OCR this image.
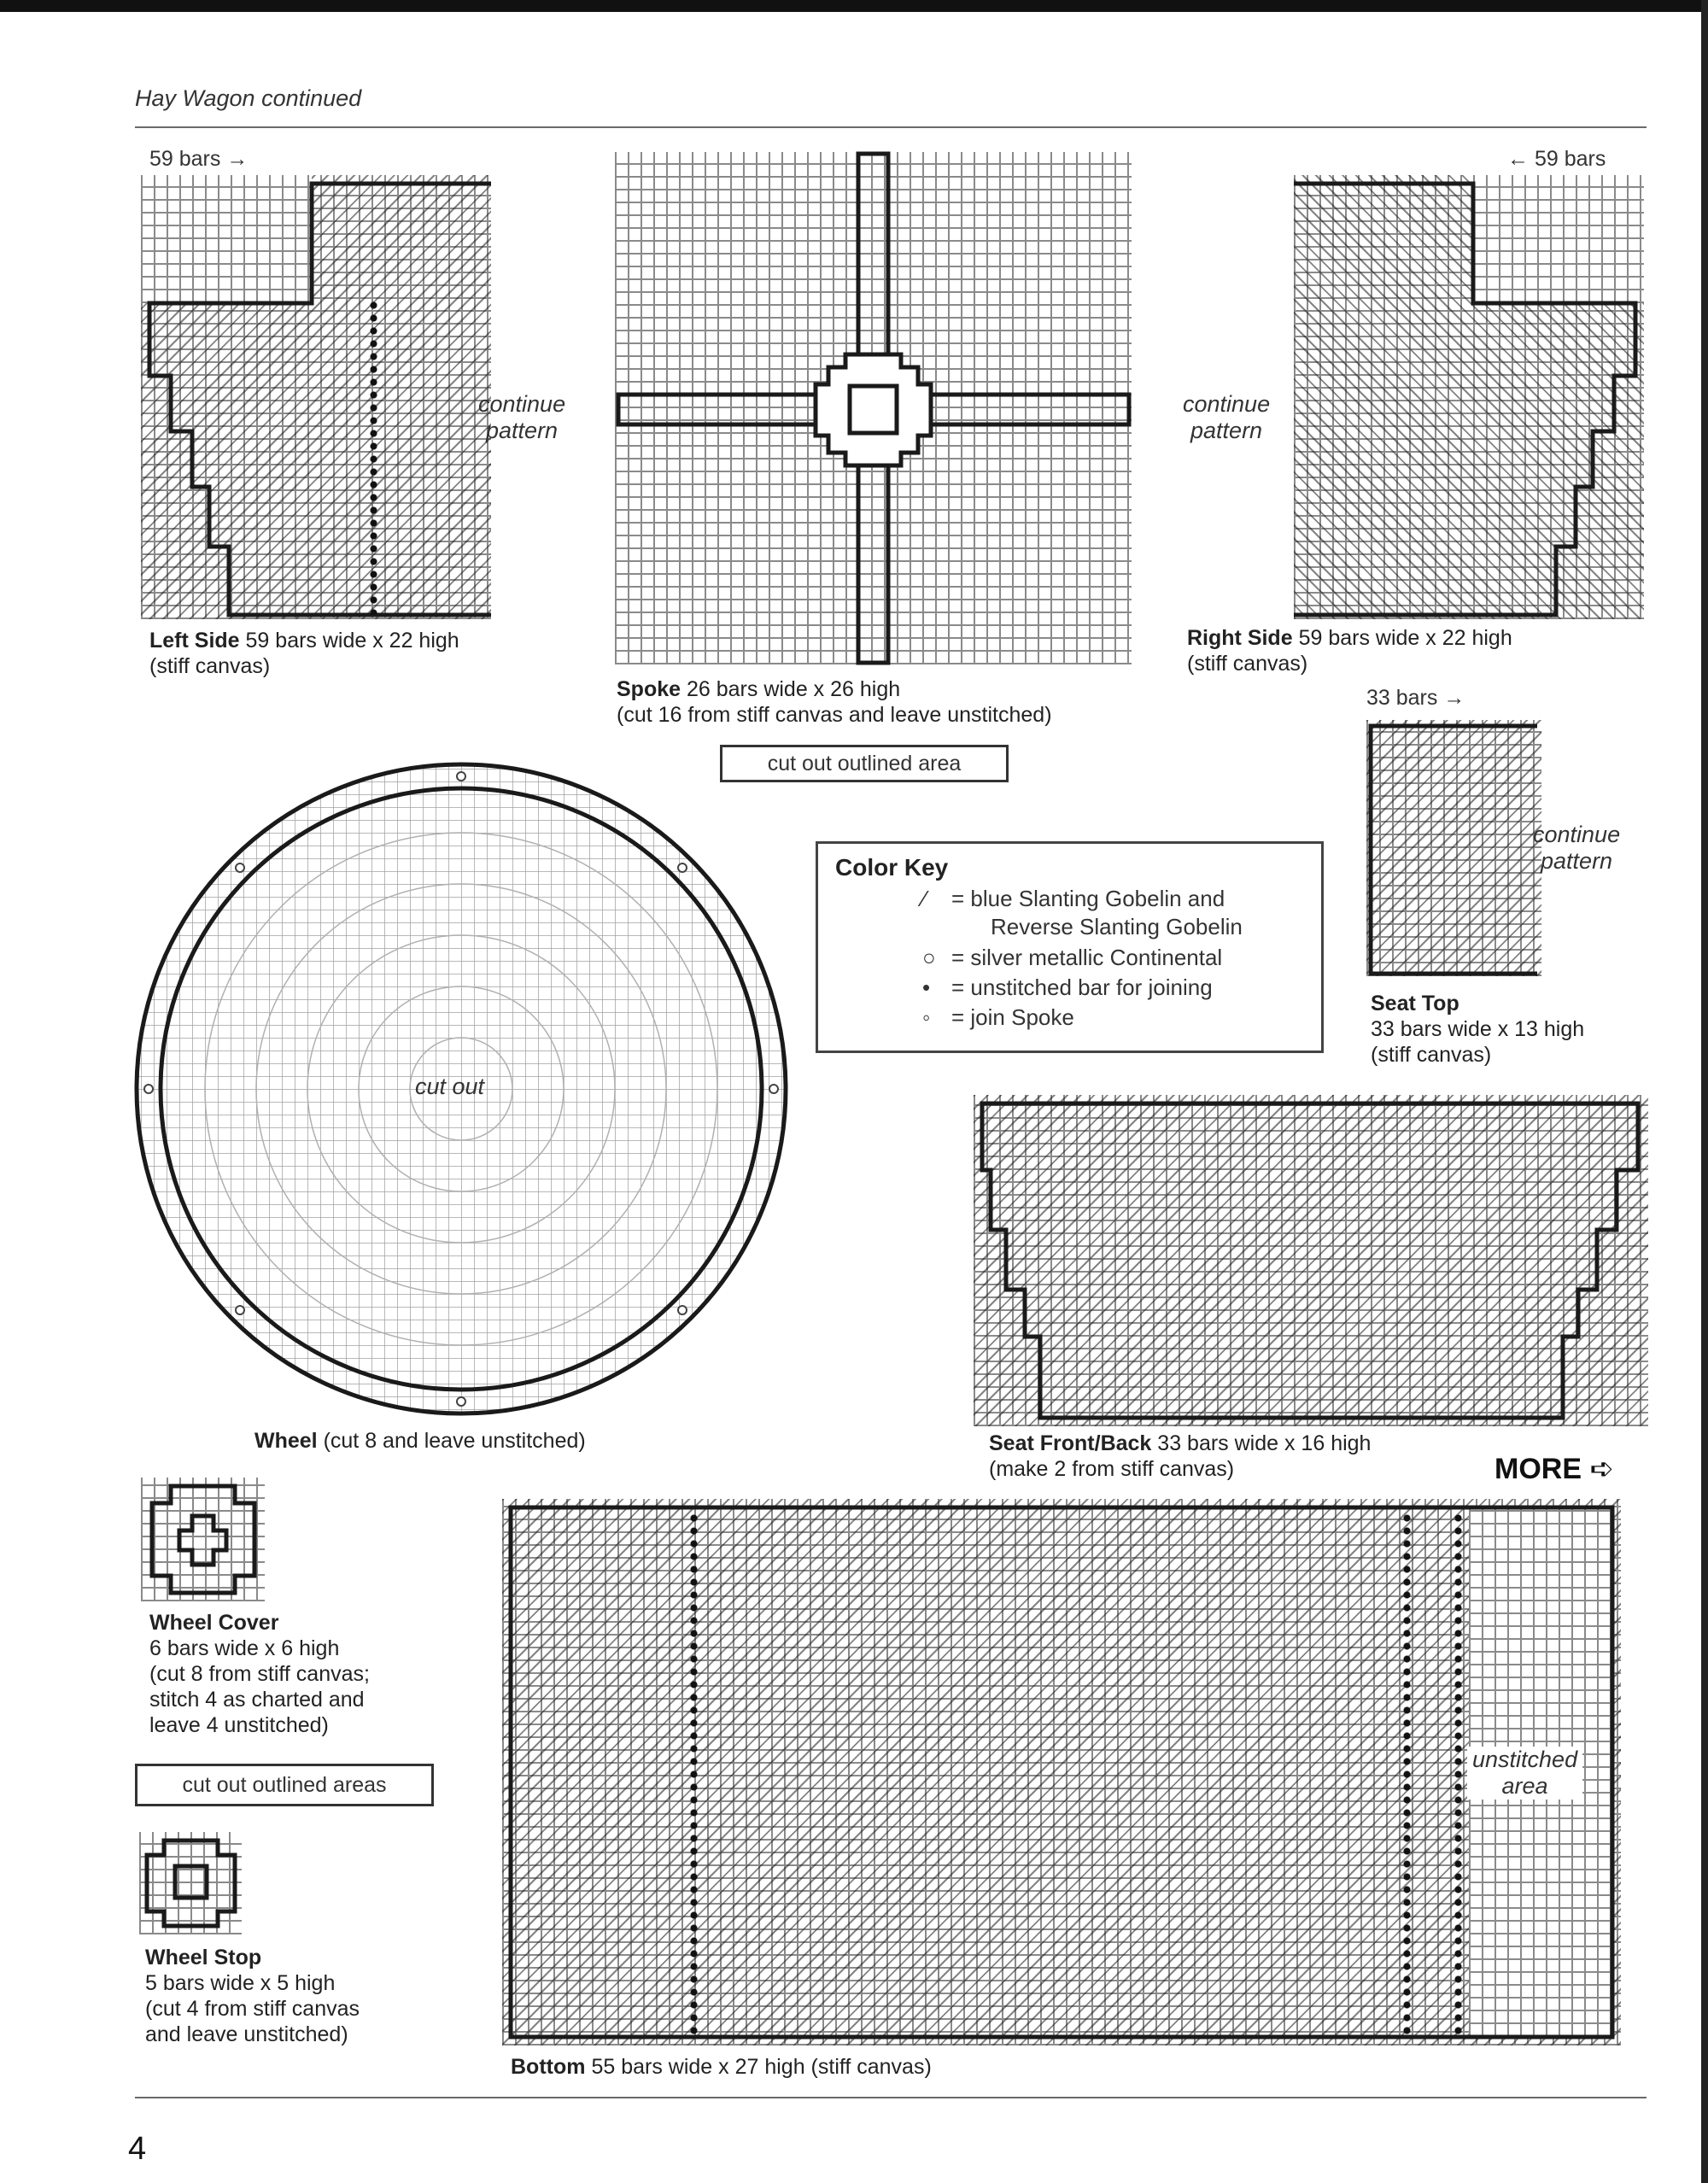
Hay Wagon continued
59 bars →
continue
pattern
Left Side 59 bars wide x 22 high
(stiff canvas)
Spoke 26 bars wide x 26 high
(cut 16 from stiff canvas and leave unstitched)
cut out outlined area
← 59 bars
continue
pattern
Right Side 59 bars wide x 22 high
(stiff canvas)
cut out
Wheel (cut 8 and leave unstitched)
Color Key
⁄ = blue Slanting Gobelin and
Reverse Slanting Gobelin
○ = silver metallic Continental
• = unstitched bar for joining
◦ = join Spoke
33 bars →
continue
pattern
Seat Top
33 bars wide x 13 high
(stiff canvas)
Seat Front/Back 33 bars wide x 16 high
(make 2 from stiff canvas)	MORE ➪
Wheel Cover
6 bars wide x 6 high
(cut 8 from stiff canvas;
stitch 4 as charted and
leave 4 unstitched)
cut out outlined areas
Wheel Stop
5 bars wide x 5 high
(cut 4 from stiff canvas
and leave unstitched)
unstitched
area
Bottom 55 bars wide x 27 high (stiff canvas)
4
